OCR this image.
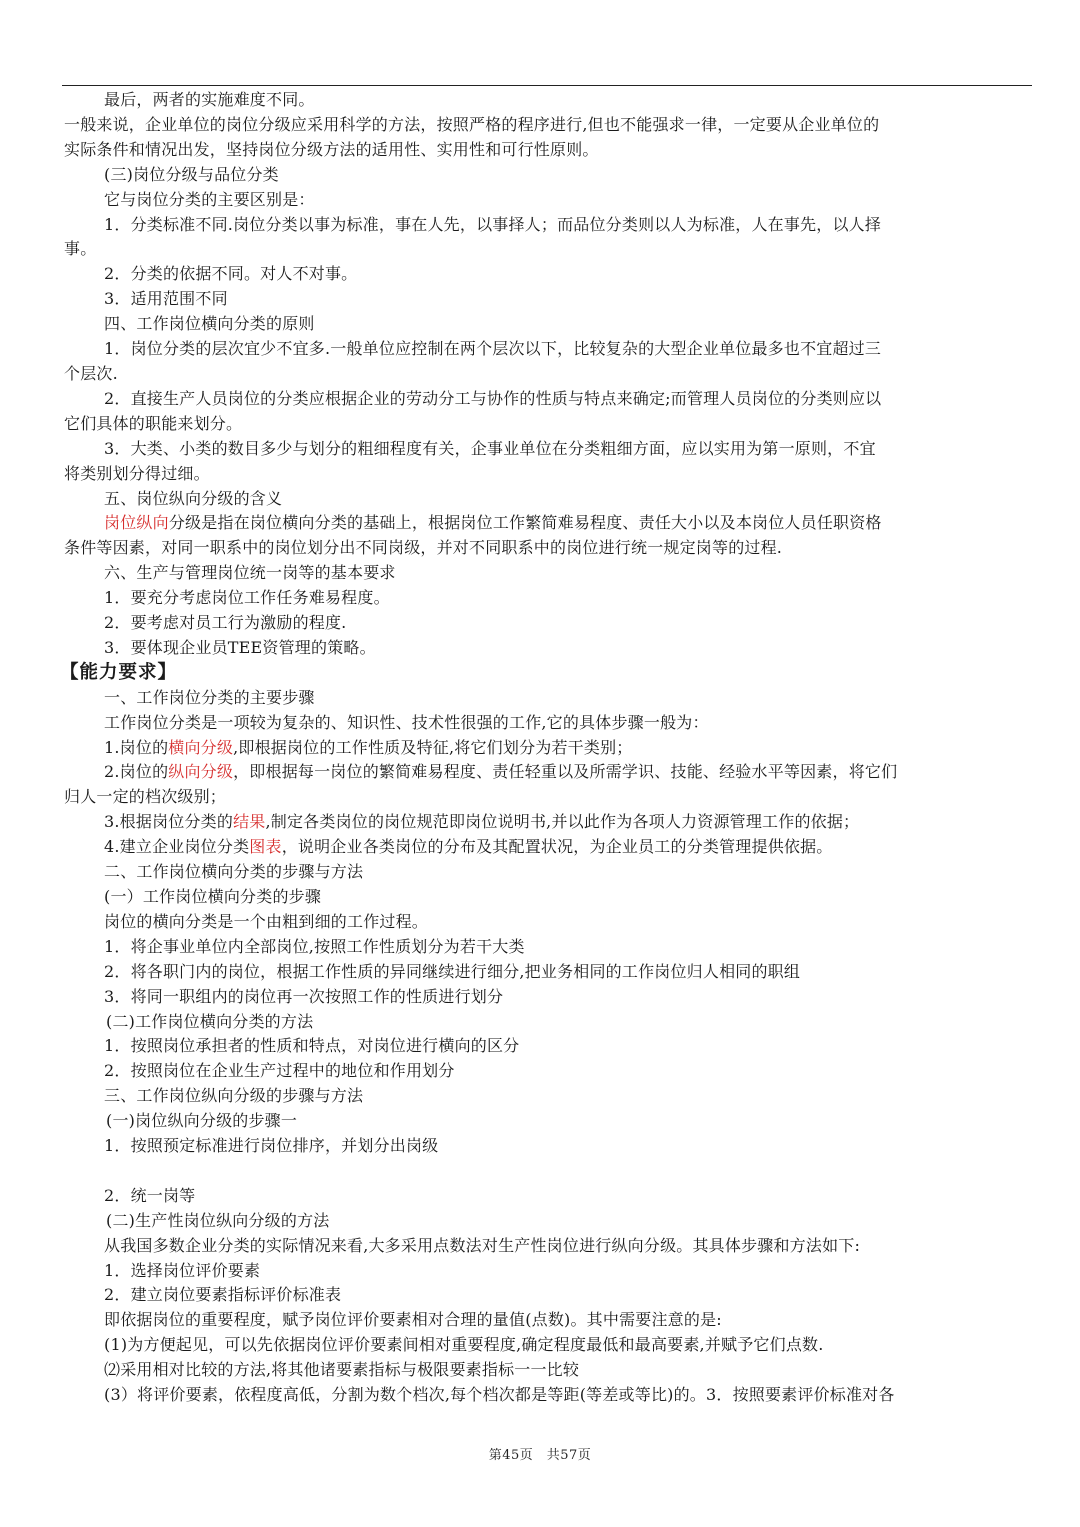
最后，两者的实施难度不同。
一般来说，企业单位的岗位分级应采用科学的方法，按照严格的程序进行,但也不能强求一律，一定要从企业单位的
实际条件和情况出发，坚持岗位分级方法的适用性、实用性和可行性原则。
(三)岗位分级与品位分类
它与岗位分类的主要区别是：
1．分类标准不同.岗位分类以事为标准，事在人先，以事择人；而品位分类则以人为标准，人在事先，以人择
事。
2．分类的依据不同。对人不对事。
3．适用范围不同
四、工作岗位横向分类的原则
1．岗位分类的层次宜少不宜多.一般单位应控制在两个层次以下，比较复杂的大型企业单位最多也不宜超过三
个层次.
2．直接生产人员岗位的分类应根据企业的劳动分工与协作的性质与特点来确定;而管理人员岗位的分类则应以
它们具体的职能来划分。
3．大类、小类的数目多少与划分的粗细程度有关，企事业单位在分类粗细方面，应以实用为第一原则，不宜
将类别划分得过细。
五、岗位纵向分级的含义
岗位纵向分级是指在岗位横向分类的基础上，根据岗位工作繁简难易程度、责任大小以及本岗位人员任职资格
条件等因素，对同一职系中的岗位划分出不同岗级，并对不同职系中的岗位进行统一规定岗等的过程.
六、生产与管理岗位统一岗等的基本要求
1．要充分考虑岗位工作任务难易程度。
2．要考虑对员工行为激励的程度.
3．要体现企业员TEE资管理的策略。
【能力要求】
一、工作岗位分类的主要步骤
工作岗位分类是一项较为复杂的、知识性、技术性很强的工作,它的具体步骤一般为：
1.岗位的横向分级,即根据岗位的工作性质及特征,将它们划分为若干类别；
2.岗位的纵向分级，即根据每一岗位的繁简难易程度、责任轻重以及所需学识、技能、经验水平等因素，将它们
归人一定的档次级别；
3.根据岗位分类的结果,制定各类岗位的岗位规范即岗位说明书,并以此作为各项人力资源管理工作的依据；
4.建立企业岗位分类图表，说明企业各类岗位的分布及其配置状况，为企业员工的分类管理提供依据。
二、工作岗位横向分类的步骤与方法
(一）工作岗位横向分类的步骤
岗位的横向分类是一个由粗到细的工作过程。
1．将企事业单位内全部岗位,按照工作性质划分为若干大类
2．将各职门内的岗位，根据工作性质的异同继续进行细分,把业务相同的工作岗位归人相同的职组
3．将同一职组内的岗位再一次按照工作的性质进行划分
(二)工作岗位横向分类的方法
1．按照岗位承担者的性质和特点，对岗位进行横向的区分
2．按照岗位在企业生产过程中的地位和作用划分
三、工作岗位纵向分级的步骤与方法
(一)岗位纵向分级的步骤一
1．按照预定标准进行岗位排序，并划分出岗级
2．统一岗等
(二)生产性岗位纵向分级的方法
从我国多数企业分类的实际情况来看,大多采用点数法对生产性岗位进行纵向分级。其具体步骤和方法如下:
1．选择岗位评价要素
2．建立岗位要素指标评价标准表
即依据岗位的重要程度，赋予岗位评价要素相对合理的量值(点数)。其中需要注意的是:
(1)为方便起见，可以先依据岗位评价要素间相对重要程度,确定程度最低和最高要素,并赋予它们点数.
⑵采用相对比较的方法,将其他诸要素指标与极限要素指标一一比较
(3）将评价要素，依程度高低，分割为数个档次,每个档次都是等距(等差或等比)的。3．按照要素评价标准对各
第45页　共57页
